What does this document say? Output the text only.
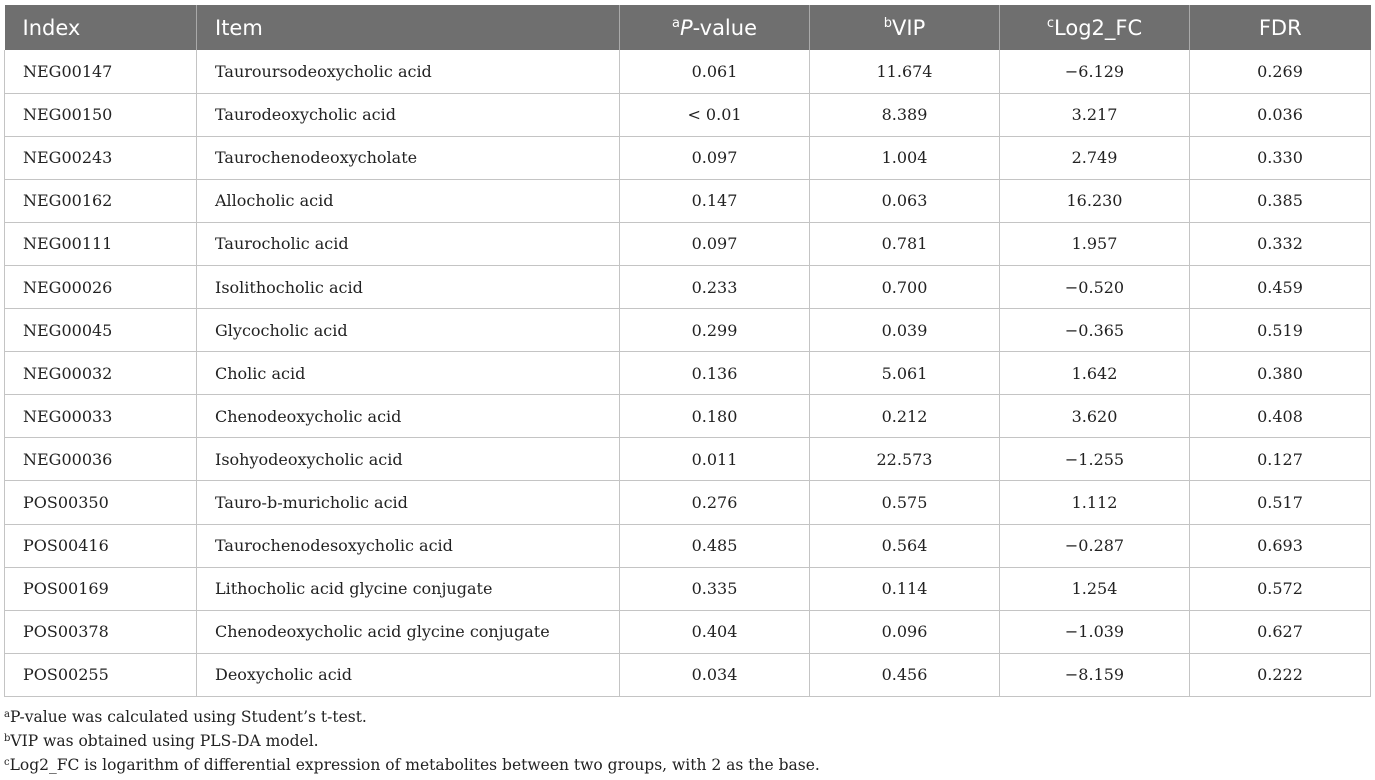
Index	Item	$^a$P-value	$^b$VIP	$^c$Log2_FC	FDR
NEG00147	Tauroursodeoxycholic acid	0.061	11.674	−6.129	0.269
NEG00150	Taurodeoxycholic acid	< 0.01	8.389	3.217	0.036
NEG00243	Taurochenodeoxycholate	0.097	1.004	2.749	0.330
NEG00162	Allocholic acid	0.147	0.063	16.230	0.385
NEG00111	Taurocholic acid	0.097	0.781	1.957	0.332
NEG00026	Isolithocholic acid	0.233	0.700	−0.520	0.459
NEG00045	Glycocholic acid	0.299	0.039	−0.365	0.519
NEG00032	Cholic acid	0.136	5.061	1.642	0.380
NEG00033	Chenodeoxycholic acid	0.180	0.212	3.620	0.408
NEG00036	Isohyodeoxycholic acid	0.011	22.573	−1.255	0.127
POS00350	Tauro-b-muricholic acid	0.276	0.575	1.112	0.517
POS00416	Taurochenodesoxycholic acid	0.485	0.564	−0.287	0.693
POS00169	Lithocholic acid glycine conjugate	0.335	0.114	1.254	0.572
POS00378	Chenodeoxycholic acid glycine conjugate	0.404	0.096	−1.039	0.627
POS00255	Deoxycholic acid	0.034	0.456	−8.159	0.222
$^a$P-value was calculated using Student’s t-test.
$^b$VIP was obtained using PLS-DA model.
$^c$Log2_FC is logarithm of differential expression of metabolites between two groups, with 2 as the base.
